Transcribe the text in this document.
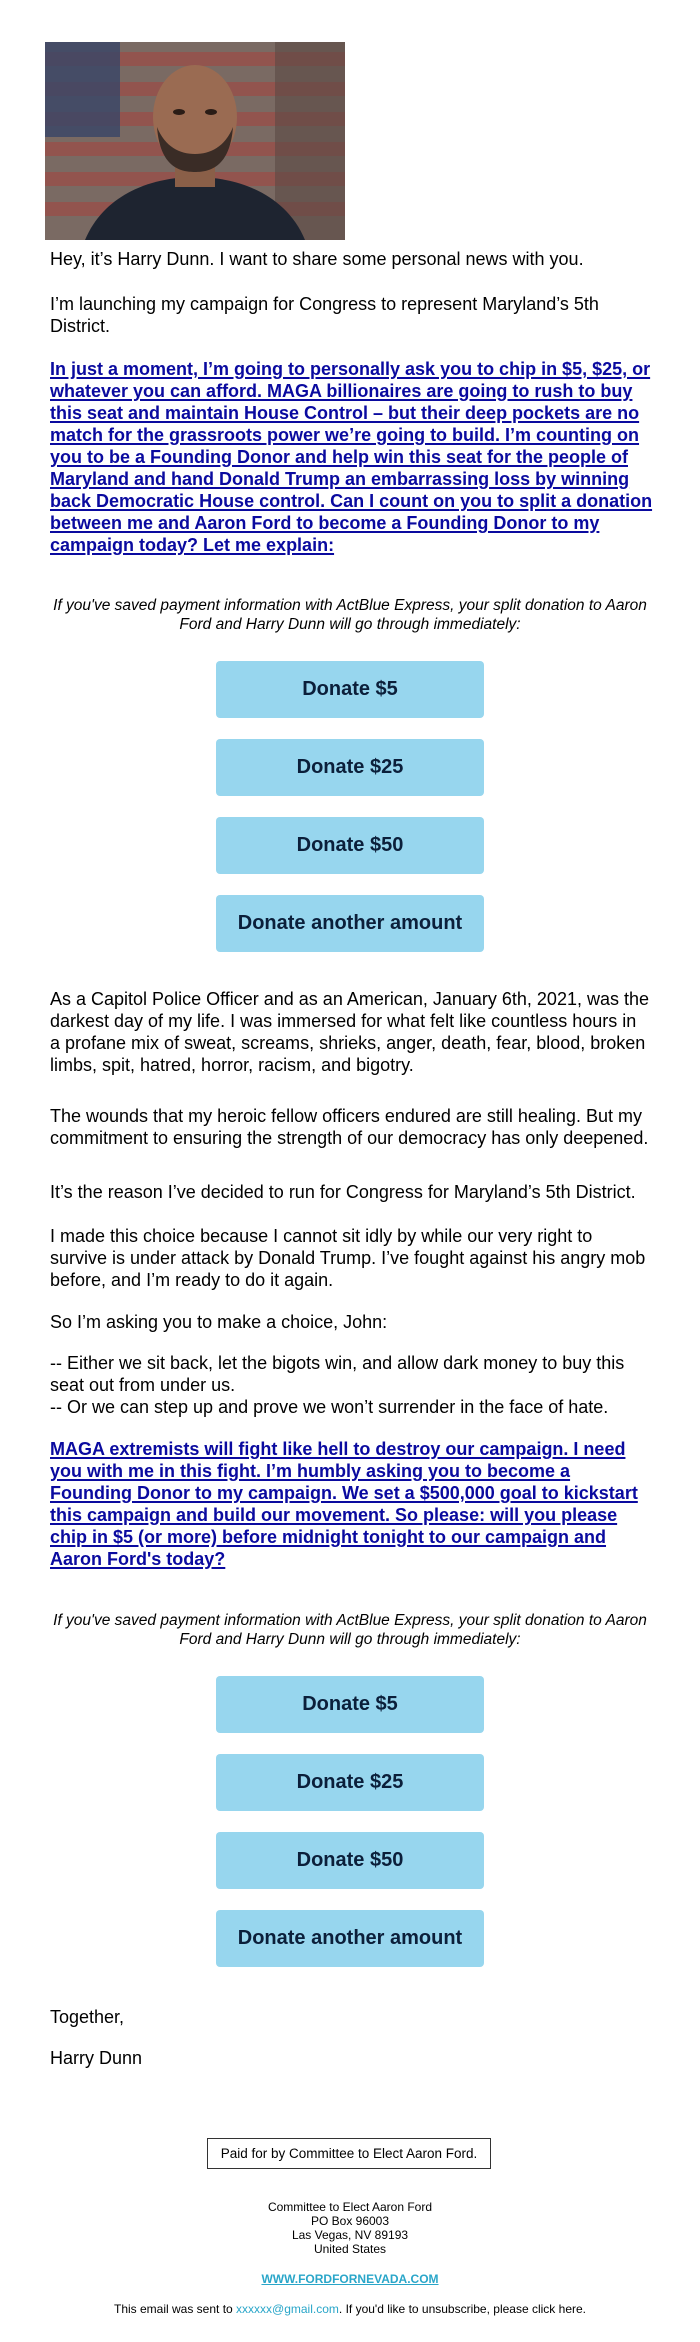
Hey, it’s Harry Dunn. I want to share some personal news with you.

I’m launching my campaign for Congress to represent Maryland’s 5th District.

In just a moment, I’m going to personally ask you to chip in $5, $25, or whatever you can afford. MAGA billionaires are going to rush to buy this seat and maintain House Control – but their deep pockets are no match for the grassroots power we’re going to build. I’m counting on you to be a Founding Donor and help win this seat for the people of Maryland and hand Donald Trump an embarrassing loss by winning back Democratic House control. Can I count on you to split a donation between me and Aaron Ford to become a Founding Donor to my campaign today? Let me explain:

If you've saved payment information with ActBlue Express, your split donation to Aaron Ford and Harry Dunn will go through immediately:

Donate $5
Donate $25
Donate $50
Donate another amount

As a Capitol Police Officer and as an American, January 6th, 2021, was the darkest day of my life. I was immersed for what felt like countless hours in a profane mix of sweat, screams, shrieks, anger, death, fear, blood, broken limbs, spit, hatred, horror, racism, and bigotry.

The wounds that my heroic fellow officers endured are still healing. But my commitment to ensuring the strength of our democracy has only deepened.

It’s the reason I’ve decided to run for Congress for Maryland’s 5th District.

I made this choice because I cannot sit idly by while our very right to survive is under attack by Donald Trump. I’ve fought against his angry mob before, and I’m ready to do it again.

So I’m asking you to make a choice, John:

-- Either we sit back, let the bigots win, and allow dark money to buy this seat out from under us.

-- Or we can step up and prove we won’t surrender in the face of hate.

MAGA extremists will fight like hell to destroy our campaign. I need you with me in this fight. I’m humbly asking you to become a Founding Donor to my campaign. We set a $500,000 goal to kickstart this campaign and build our movement. So please: will you please chip in $5 (or more) before midnight tonight to our campaign and Aaron Ford's today?

If you've saved payment information with ActBlue Express, your split donation to Aaron Ford and Harry Dunn will go through immediately:

Donate $5
Donate $25
Donate $50
Donate another amount

Together,

Harry Dunn

Paid for by Committee to Elect Aaron Ford.
Committee to Elect Aaron Ford
PO Box 96003
Las Vegas, NV 89193
United States
WWW.FORDFORNEVADA.COM
This email was sent to xxxxxx@gmail.com. If you'd like to unsubscribe, please click here.
